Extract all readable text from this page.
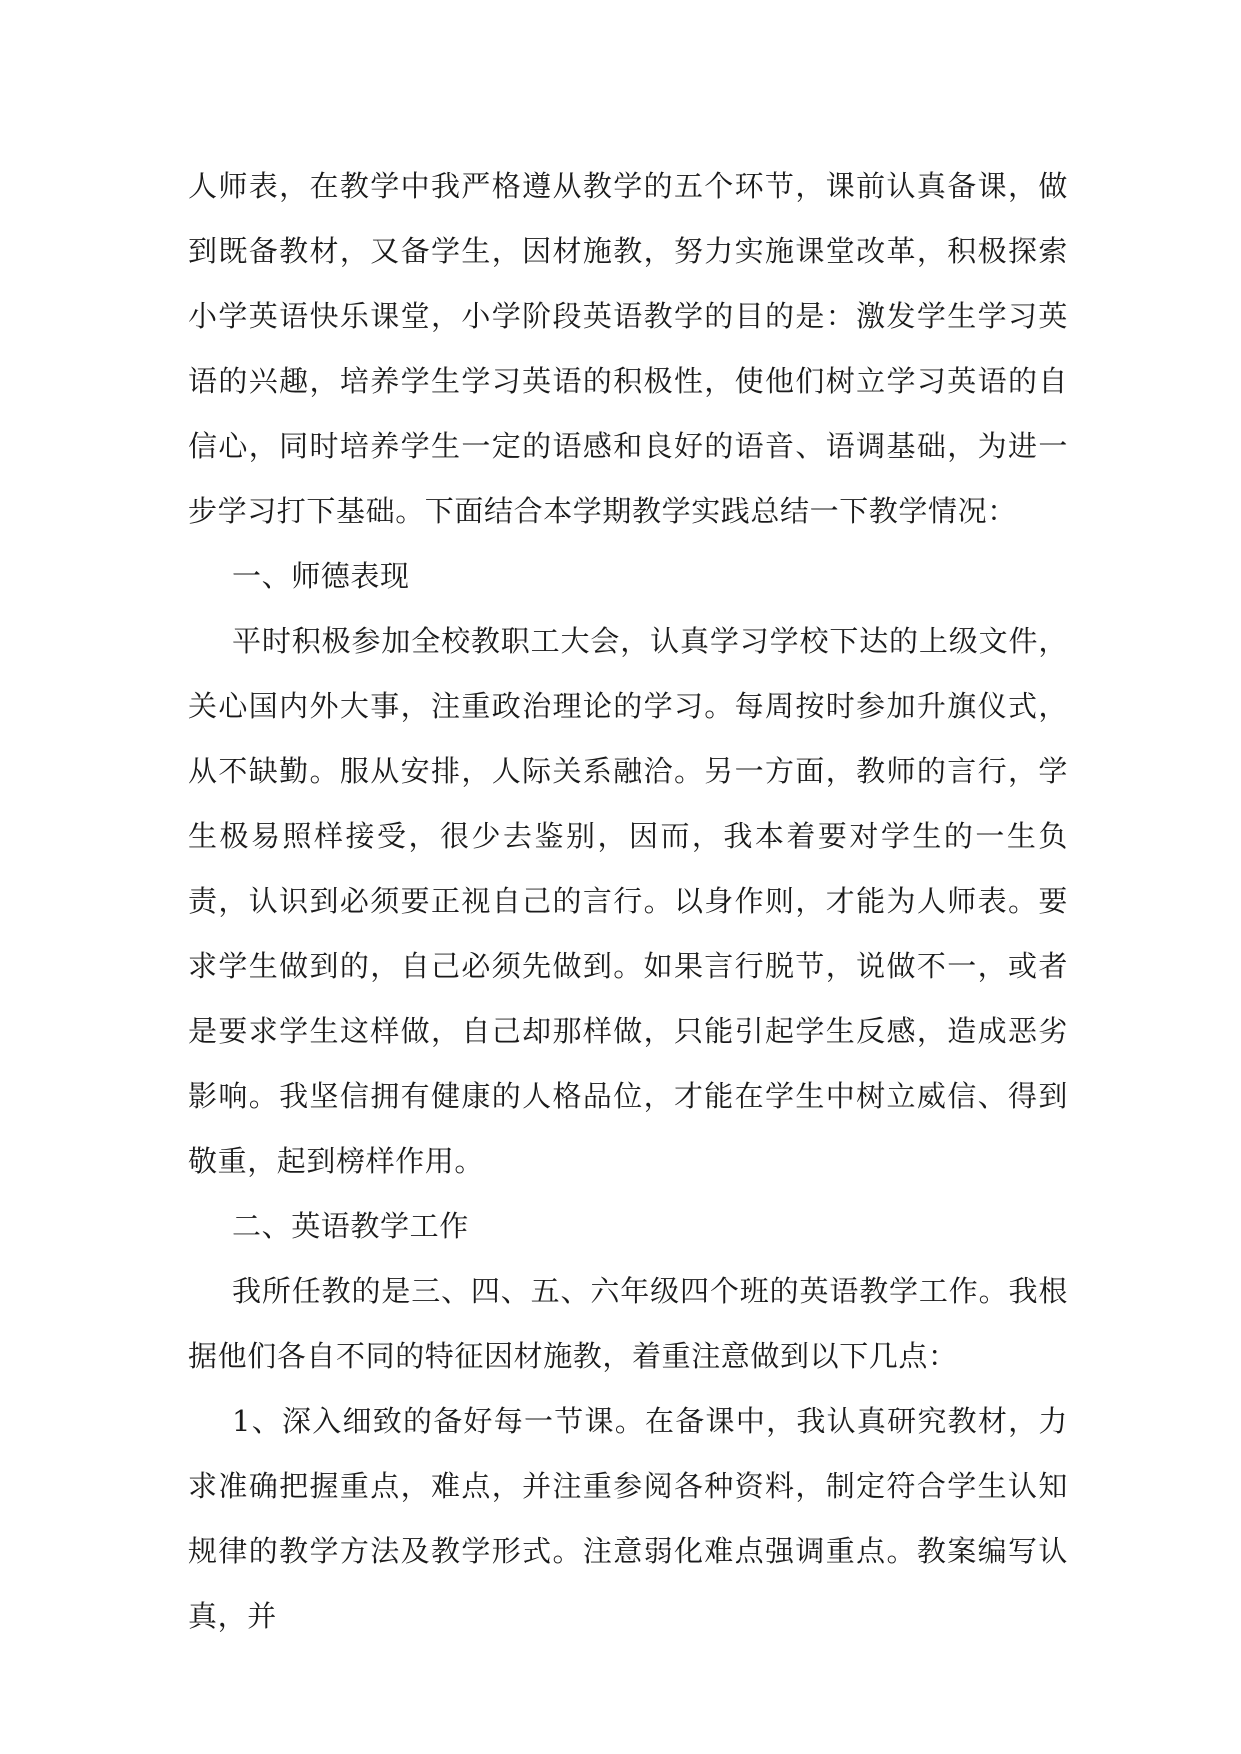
人师表，在教学中我严格遵从教学的五个环节，课前认真备课，做到既备教材，又备学生，因材施教，努力实施课堂改革，积极探索小学英语快乐课堂，小学阶段英语教学的目的是：激发学生学习英语的兴趣，培养学生学习英语的积极性，使他们树立学习英语的自信心，同时培养学生一定的语感和良好的语音、语调基础，为进一步学习打下基础。下面结合本学期教学实践总结一下教学情况：

一、师德表现

平时积极参加全校教职工大会，认真学习学校下达的上级文件，关心国内外大事，注重政治理论的学习。每周按时参加升旗仪式，从不缺勤。服从安排，人际关系融洽。另一方面，教师的言行，学生极易照样接受，很少去鉴别，因而，我本着要对学生的一生负责，认识到必须要正视自己的言行。以身作则，才能为人师表。要求学生做到的，自己必须先做到。如果言行脱节，说做不一，或者是要求学生这样做，自己却那样做，只能引起学生反感，造成恶劣影响。我坚信拥有健康的人格品位，才能在学生中树立威信、得到敬重，起到榜样作用。

二、英语教学工作

我所任教的是三、四、五、六年级四个班的英语教学工作。我根据他们各自不同的特征因材施教，着重注意做到以下几点：

1、深入细致的备好每一节课。在备课中，我认真研究教材，力求准确把握重点，难点，并注重参阅各种资料，制定符合学生认知规律的教学方法及教学形式。注意弱化难点强调重点。教案编写认真，并
